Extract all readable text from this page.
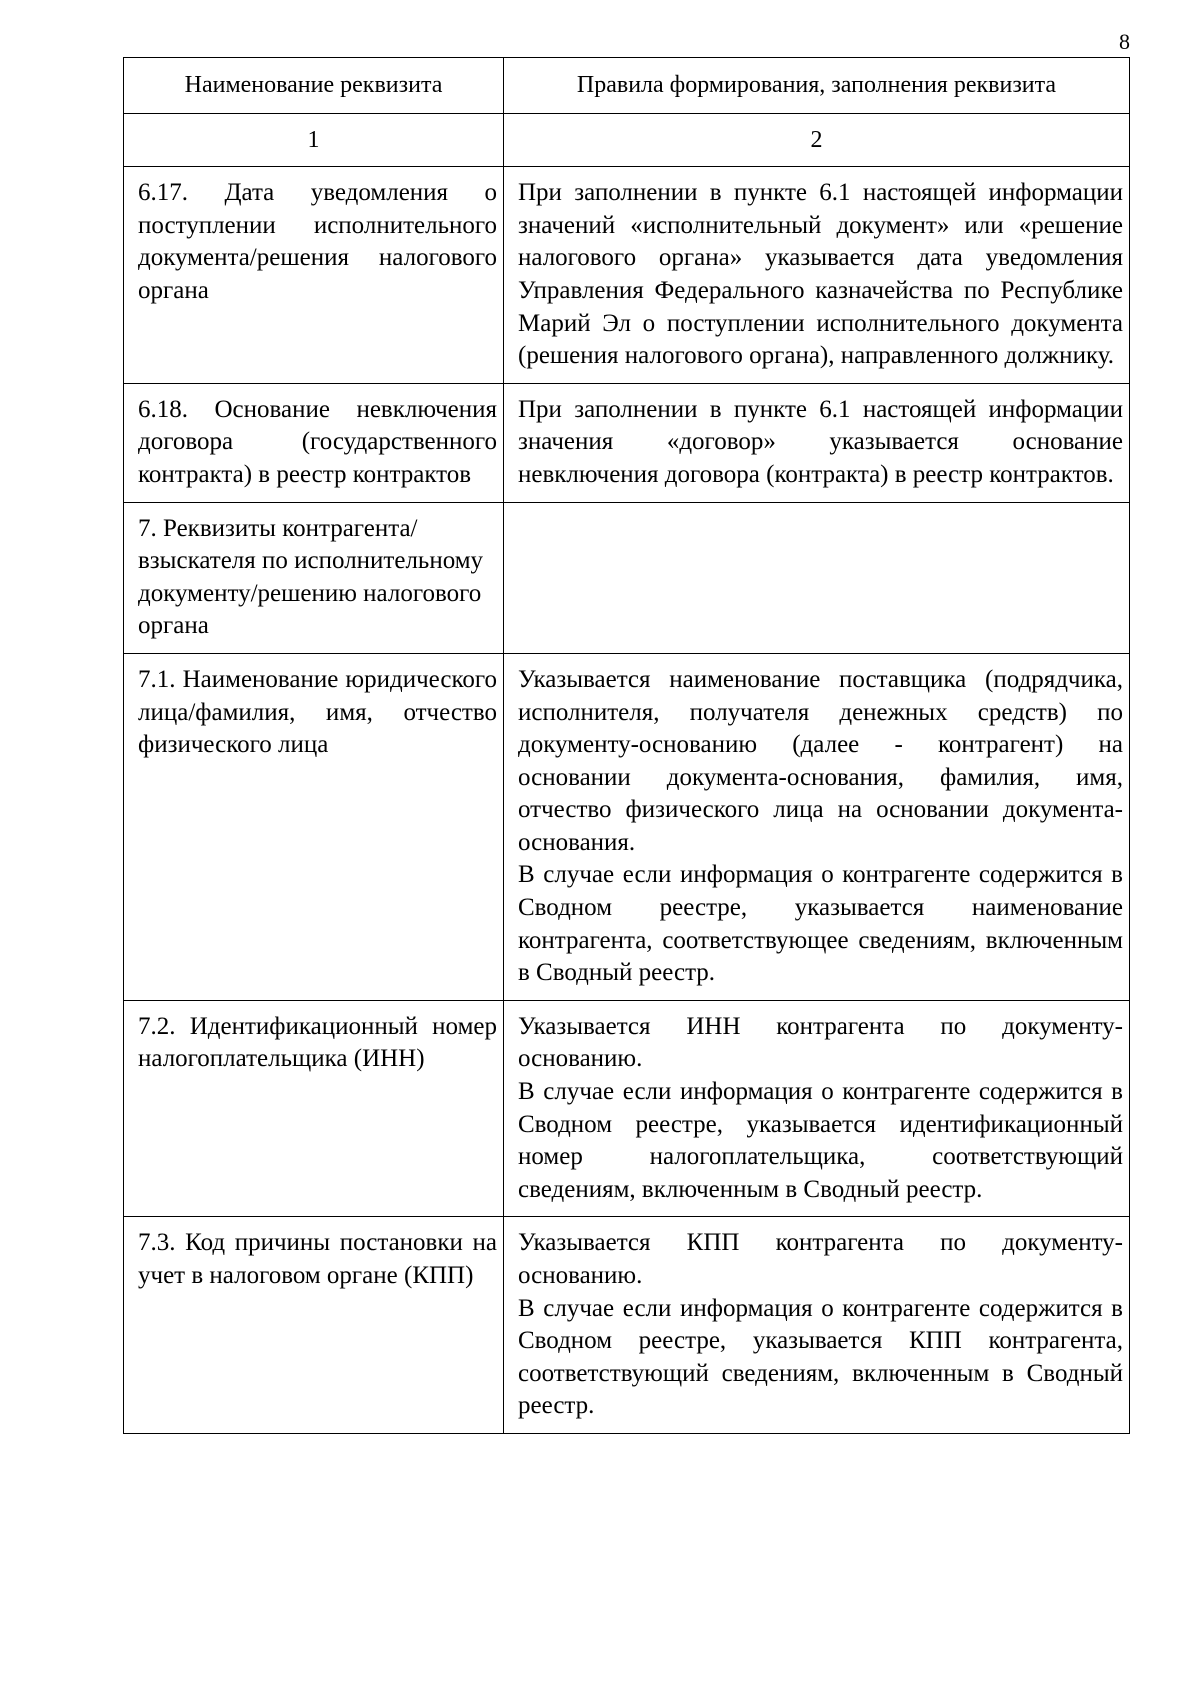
8
Наименование реквизита	Правила формирования, заполнения реквизита
1	2
6.17. Дата уведомления о поступлении исполнительного документа/решения налогового органа	При заполнении в пункте 6.1 настоящей информации значений «исполнительный документ» или «решение налогового органа» указывается дата уведомления Управления Федерального казначейства по Республике Марий Эл о поступлении исполнительного документа (решения налогового органа), направленного должнику.

6.18. Основание невключения договора (государственного контракта) в реестр контрактов	При заполнении в пункте 6.1 настоящей информации значения «договор» указывается основание невключения договора (контракта) в реестр контрактов.

7. Реквизиты контрагента/взыскателя по исполнительному документу/решению налогового органа	
7.1. Наименование юридического лица/фамилия, имя, отчество физического лица	Указывается наименование поставщика (подрядчика, исполнителя, получателя денежных средств) по документу-основанию (далее - контрагент) на основании документа-основания, фамилия, имя, отчество физического лица на основании документа-основания.
В случае если информация о контрагенте содержится в Сводном реестре, указывается наименование контрагента, соответствующее сведениям, включенным в Сводный реестр.

7.2. Идентификационный номер налогоплательщика (ИНН)	Указывается ИНН контрагента по документу-основанию.
В случае если информация о контрагенте содержится в Сводном реестре, указывается идентификационный номер налогоплательщика, соответствующий сведениям, включенным в Сводный реестр.

7.3. Код причины постановки на учет в налоговом органе (КПП)	Указывается КПП контрагента по документу-основанию.
В случае если информация о контрагенте содержится в Сводном реестре, указывается КПП контрагента, соответствующий сведениям, включенным в Сводный реестр.
